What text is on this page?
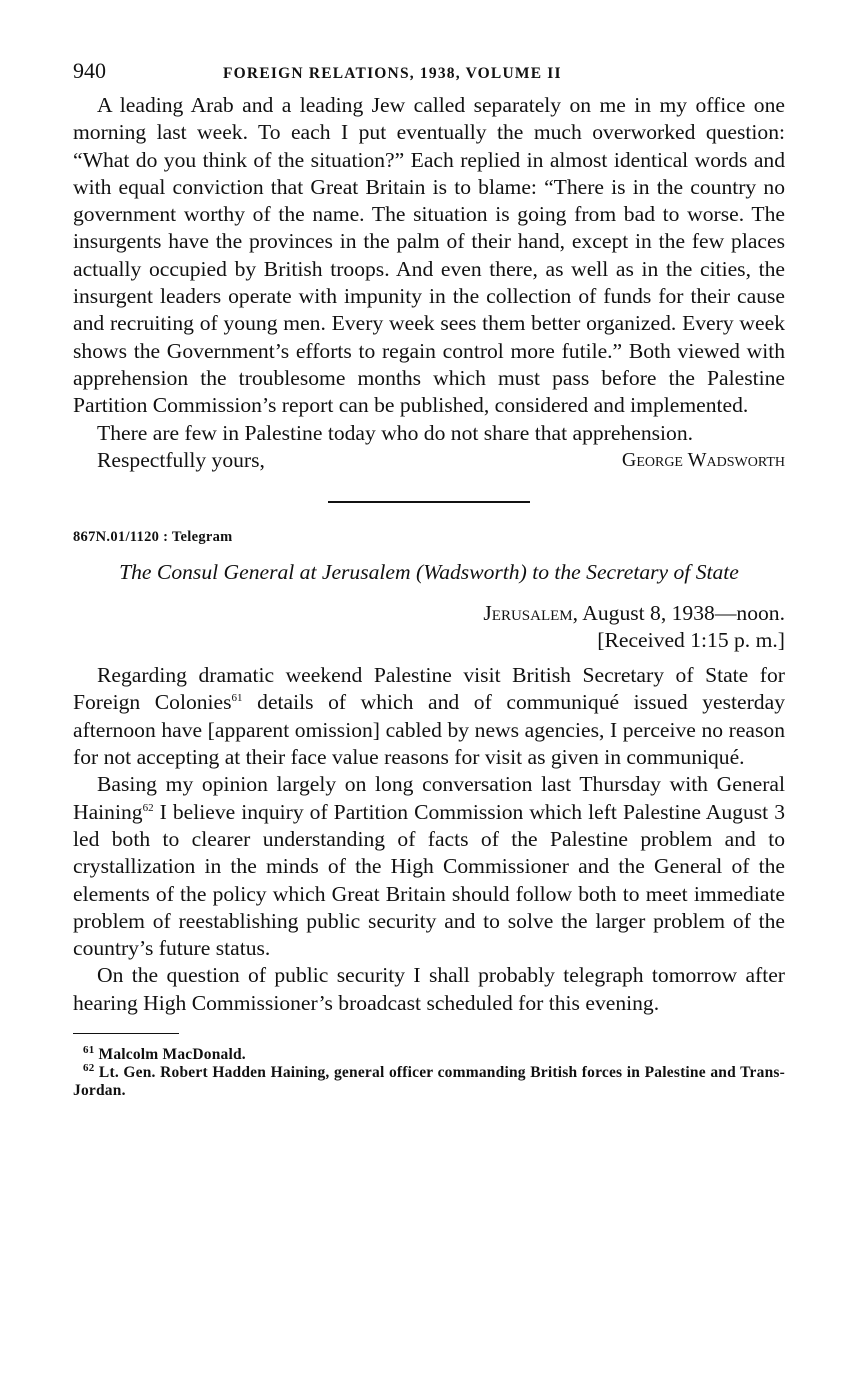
940	FOREIGN RELATIONS, 1938, VOLUME II

A leading Arab and a leading Jew called separately on me in my office one morning last week. To each I put eventually the much overworked question: “What do you think of the situation?” Each replied in almost identical words and with equal conviction that Great Britain is to blame: “There is in the country no government worthy of the name. The situation is going from bad to worse. The insurgents have the provinces in the palm of their hand, except in the few places actually occupied by British troops. And even there, as well as in the cities, the insurgent leaders operate with impunity in the collection of funds for their cause and recruiting of young men. Every week sees them better organized. Every week shows the Government’s efforts to regain control more futile.” Both viewed with apprehension the troublesome months which must pass before the Palestine Partition Commission’s report can be published, considered and implemented.

There are few in Palestine today who do not share that apprehension.

Respectfully yours,	George Wadsworth
867N.01/1120 : Telegram
The Consul General at Jerusalem (Wadsworth) to the Secretary of State
Jerusalem, August 8, 1938—noon.
[Received 1:15 p. m.]

Regarding dramatic weekend Palestine visit British Secretary of State for Foreign Colonies$^{61}$ details of which and of communiqué issued yesterday afternoon have [apparent omission] cabled by news agencies, I perceive no reason for not accepting at their face value reasons for visit as given in communiqué.

Basing my opinion largely on long conversation last Thursday with General Haining$^{62}$ I believe inquiry of Partition Commission which left Palestine August 3 led both to clearer understanding of facts of the Palestine problem and to crystallization in the minds of the High Commissioner and the General of the elements of the policy which Great Britain should follow both to meet immediate problem of reestablishing public security and to solve the larger problem of the country’s future status.

On the question of public security I shall probably telegraph tomorrow after hearing High Commissioner’s broadcast scheduled for this evening.

$^{61}$ Malcolm MacDonald.
$^{62}$ Lt. Gen. Robert Hadden Haining, general officer commanding British forces in Palestine and Trans-Jordan.
